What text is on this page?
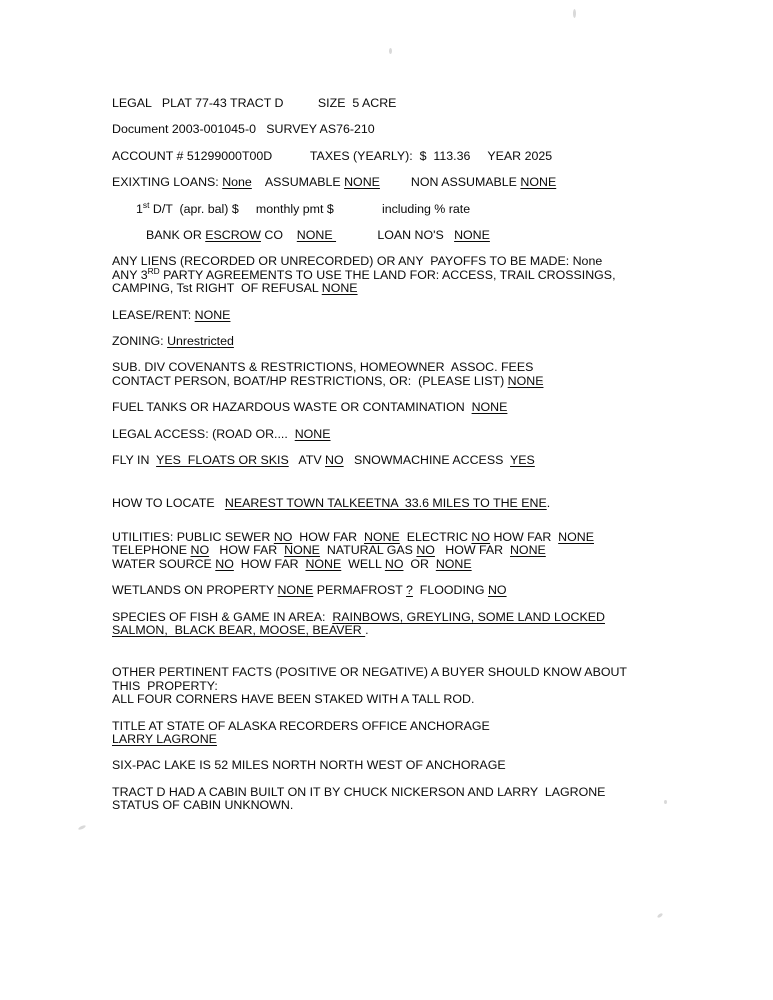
LEGAL   PLAT 77-43 TRACT D	SIZE  5 ACRE
Document 2003-001045-0   SURVEY AS76-210
ACCOUNT # 51299000T00D	TAXES (YEARLY): $  113.36 YEAR 2025
EXIXTING LOANS: None ASSUMABLE NONE NON ASSUMABLE NONE
1st D/T  (apr. bal) $     monthly pmt $              including % rate
BANK OR ESCROW CO NONE	LOAN NO'S NONE
ANY LIENS (RECORDED OR UNRECORDED) OR ANY  PAYOFFS TO BE MADE: None
ANY 3RD PARTY AGREEMENTS TO USE THE LAND FOR: ACCESS, TRAIL CROSSINGS,
CAMPING, Tst RIGHT  OF REFUSAL NONE
LEASE/RENT: NONE
ZONING: Unrestricted
SUB. DIV COVENANTS & RESTRICTIONS, HOMEOWNER  ASSOC. FEES
CONTACT PERSON, BOAT/HP RESTRICTIONS, OR:  (PLEASE LIST) NONE
FUEL TANKS OR HAZARDOUS WASTE OR CONTAMINATION  NONE
LEGAL ACCESS: (ROAD OR....  NONE
FLY IN  YES  FLOATS OR SKIS ATV NO SNOWMACHINE ACCESS  YES
HOW TO LOCATE   NEAREST TOWN TALKEETNA  33.6 MILES TO THE ENE.
UTILITIES: PUBLIC SEWER NO  HOW FAR  NONE  ELECTRIC NO HOW FAR  NONE
TELEPHONE NO   HOW FAR  NONE  NATURAL GAS NO   HOW FAR  NONE
WATER SOURCE NO  HOW FAR  NONE  WELL NO  OR  NONE
WETLANDS ON PROPERTY NONE PERMAFROST ?  FLOODING NO
SPECIES OF FISH & GAME IN AREA:  RAINBOWS, GREYLING, SOME LAND LOCKED
SALMON,  BLACK BEAR, MOOSE, BEAVER .
OTHER PERTINENT FACTS (POSITIVE OR NEGATIVE) A BUYER SHOULD KNOW ABOUT
THIS  PROPERTY:
ALL FOUR CORNERS HAVE BEEN STAKED WITH A TALL ROD.
TITLE AT STATE OF ALASKA RECORDERS OFFICE ANCHORAGE
LARRY LAGRONE
SIX-PAC LAKE IS 52 MILES NORTH NORTH WEST OF ANCHORAGE
TRACT D HAD A CABIN BUILT ON IT BY CHUCK NICKERSON AND LARRY  LAGRONE
STATUS OF CABIN UNKNOWN.
